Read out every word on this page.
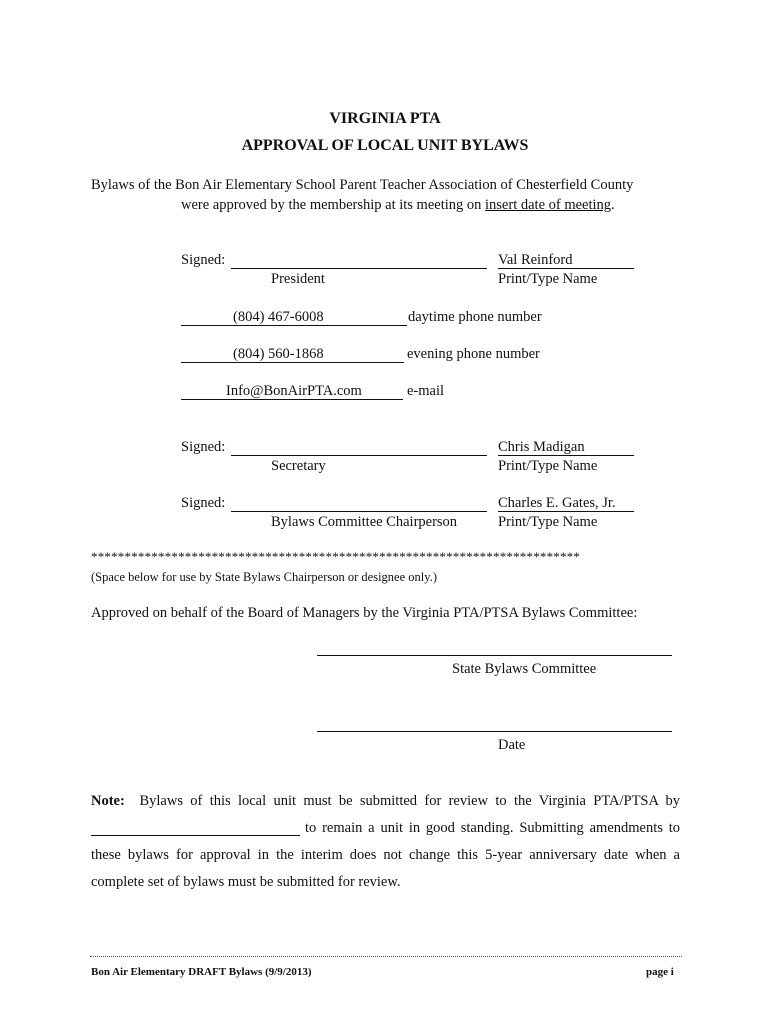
VIRGINIA PTA
APPROVAL OF LOCAL UNIT BYLAWS
Bylaws of the Bon Air Elementary School Parent Teacher Association of Chesterfield County
were approved by the membership at its meeting on insert date of meeting.
Signed:
President
Val Reinford
Print/Type Name
(804) 467-6008	daytime phone number
(804) 560-1868	evening phone number
Info@BonAirPTA.com	e-mail
Signed:
Secretary
Chris Madigan
Print/Type Name
Signed:
Bylaws Committee Chairperson
Charles E. Gates, Jr.
Print/Type Name
*************************************************************************
(Space below for use by State Bylaws Chairperson or designee only.)
Approved on behalf of the Board of Managers by the Virginia PTA/PTSA Bylaws Committee:
State Bylaws Committee
Date
Note: Bylaws of this local unit must be submitted for review to the Virginia PTA/PTSA by
to remain a unit in good standing. Submitting amendments to
these bylaws for approval in the interim does not change this 5-year anniversary date when a
complete set of bylaws must be submitted for review.
Bon Air Elementary DRAFT Bylaws (9/9/2013)	page i
